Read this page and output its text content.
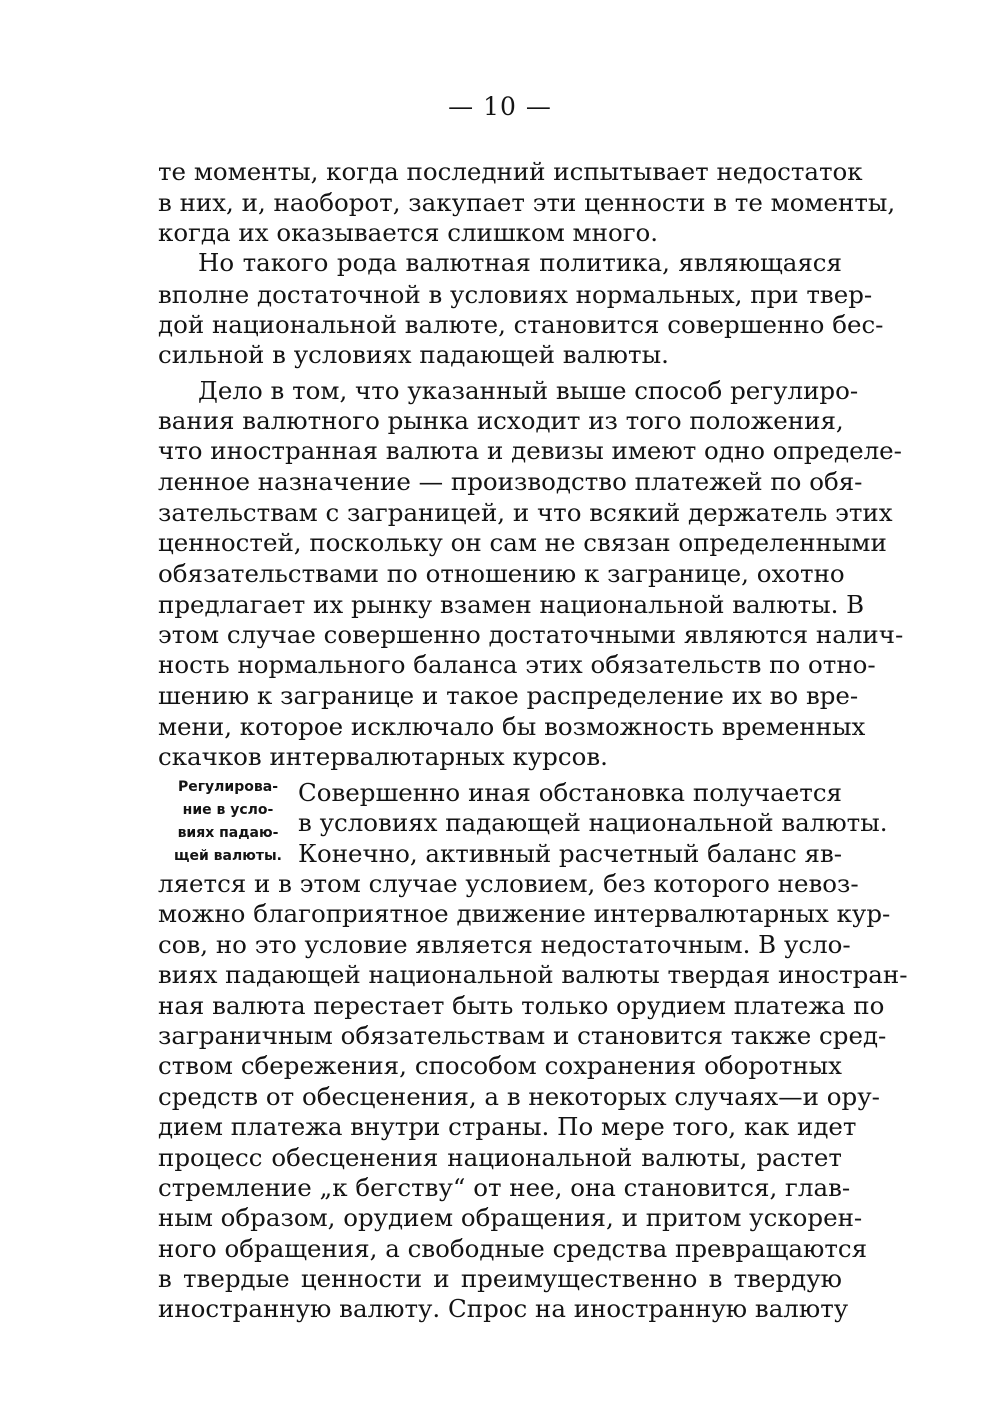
— 10 —
те моменты, когда последний испытывает недостаток
в них, и, наоборот, закупает эти ценности в те моменты,
когда их оказывается слишком много.
Но такого рода валютная политика, являющаяся
вполне достаточной в условиях нормальных, при твер-
дой национальной валюте, становится совершенно бес-
сильной в условиях падающей валюты.
Дело в том, что указанный выше способ регулиро-
вания валютного рынка исходит из того положения,
что иностранная валюта и девизы имеют одно определе-
ленное назначение — производство платежей по обя-
зательствам с заграницей, и что всякий держатель этих
ценностей, поскольку он сам не связан определенными
обязательствами по отношению к загранице, охотно
предлагает их рынку взамен национальной валюты. В
этом случае совершенно достаточными являются налич-
ность нормального баланса этих обязательств по отно-
шению к загранице и такое распределение их во вре-
мени, которое исключало бы возможность временных
скачков интервалютарных курсов.
Регулирова-
ние в усло-
виях падаю-
щей валюты.
Совершенно иная обстановка получается
в условиях падающей национальной валюты.
Конечно, активный расчетный баланс яв-
ляется и в этом случае условием, без которого невоз-
можно благоприятное движение интервалютарных кур-
сов, но это условие является недостаточным. В усло-
виях падающей национальной валюты твердая иностран-
ная валюта перестает быть только орудием платежа по
заграничным обязательствам и становится также сред-
ством сбережения, способом сохранения оборотных
средств от обесценения, а в некоторых случаях—и ору-
дием платежа внутри страны. По мере того, как идет
процесс обесценения национальной валюты, растет
стремление „к бегству“ от нее, она становится, глав-
ным образом, орудием обращения, и притом ускорен-
ного обращения, а свободные средства превращаются
в твердые ценности и преимущественно в твердую
иностранную валюту. Спрос на иностранную валюту
